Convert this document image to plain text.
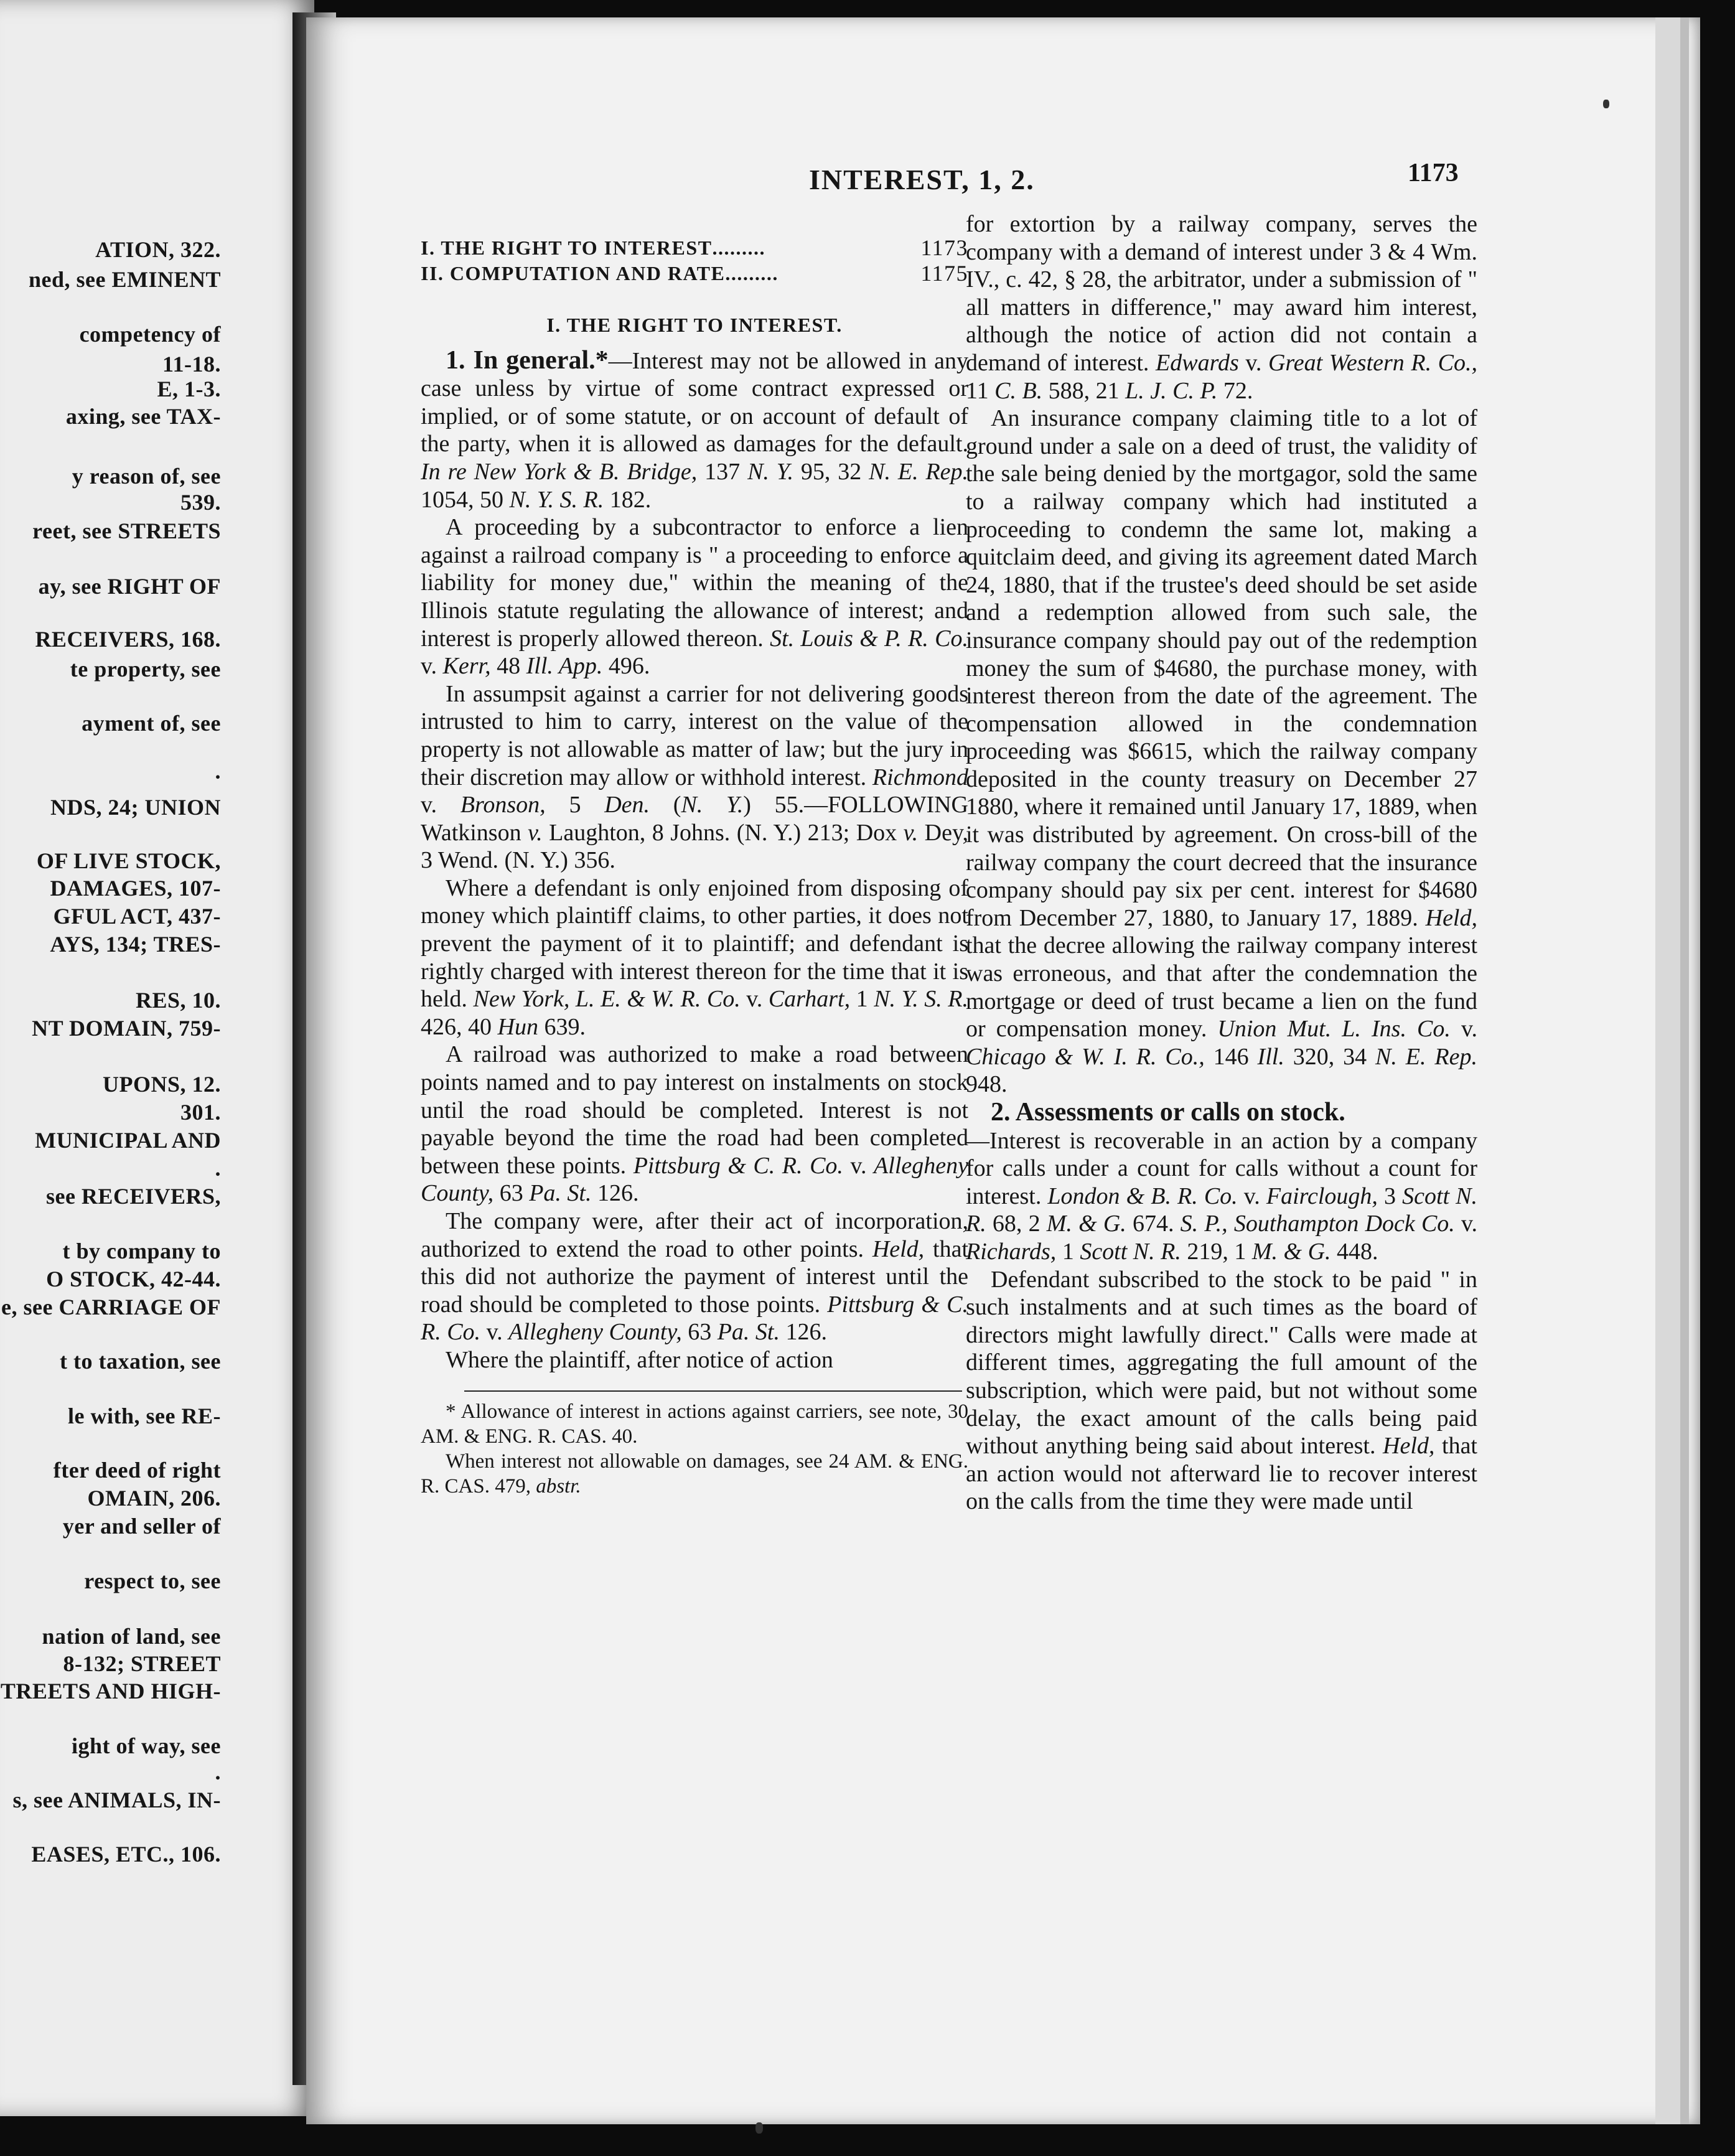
ATION, 322.
ned, see EMINENT
competency of
11-18.
E, 1-3.
axing, see TAX-
y reason of, see
539.
reet, see STREETS
ay, see RIGHT OF
RECEIVERS, 168.
te property, see
ayment of, see
.
NDS, 24; UNION
OF LIVE STOCK,
DAMAGES, 107-
GFUL ACT, 437-
AYS, 134; TRES-
RES, 10.
NT DOMAIN, 759-
UPONS, 12.
301.
MUNICIPAL AND
.
see RECEIVERS,
t by company to
O STOCK, 42-44.
e, see CARRIAGE OF
t to taxation, see
le with, see RE-
fter deed of right
OMAIN, 206.
yer and seller of
respect to, see
nation of land, see
8-132; STREET
TREETS AND HIGH-
ight of way, see
.
s, see ANIMALS, IN-
EASES, ETC., 106.
INTEREST, 1, 2.	1173
I. THE RIGHT TO INTEREST .........	1173
II. COMPUTATION AND RATE .........	1175

I. THE RIGHT TO INTEREST.

1. In general.*—Interest may not be allowed in any case unless by virtue of some contract expressed or implied, or of some statute, or on account of default of the party, when it is allowed as damages for the default. In re New York & B. Bridge, 137 N. Y. 95, 32 N. E. Rep. 1054, 50 N. Y. S. R. 182.

A proceeding by a subcontractor to enforce a lien against a railroad company is " a proceeding to enforce a liability for money due," within the meaning of the Illinois statute regulating the allowance of interest; and interest is properly allowed thereon. St. Louis & P. R. Co. v. Kerr, 48 Ill. App. 496.

In assumpsit against a carrier for not delivering goods intrusted to him to carry, interest on the value of the property is not allowable as matter of law; but the jury in their discretion may allow or withhold interest. Richmond v. Bronson, 5 Den. (N. Y.) 55.—FOLLOWING Watkinson v. Laughton, 8 Johns. (N. Y.) 213; Dox v. Dey, 3 Wend. (N. Y.) 356.

Where a defendant is only enjoined from disposing of money which plaintiff claims, to other parties, it does not prevent the payment of it to plaintiff; and defendant is rightly charged with interest thereon for the time that it is held. New York, L. E. & W. R. Co. v. Carhart, 1 N. Y. S. R. 426, 40 Hun 639.

A railroad was authorized to make a road between points named and to pay interest on instalments on stock until the road should be completed. Interest is not payable beyond the time the road had been completed between these points. Pittsburg & C. R. Co. v. Allegheny County, 63 Pa. St. 126.

The company were, after their act of incorporation, authorized to extend the road to other points. Held, that this did not authorize the payment of interest until the road should be completed to those points. Pittsburg & C. R. Co. v. Allegheny County, 63 Pa. St. 126.

Where the plaintiff, after notice of action

* Allowance of interest in actions against carriers, see note, 30 AM. & ENG. R. CAS. 40.

When interest not allowable on damages, see 24 AM. & ENG. R. CAS. 479, abstr.

for extortion by a railway company, serves the company with a demand of interest under 3 & 4 Wm. IV., c. 42, § 28, the arbitrator, under a submission of " all matters in difference," may award him interest, although the notice of action did not contain a demand of interest. Edwards v. Great Western R. Co., 11 C. B. 588, 21 L. J. C. P. 72.

An insurance company claiming title to a lot of ground under a sale on a deed of trust, the validity of the sale being denied by the mortgagor, sold the same to a railway company which had instituted a proceeding to condemn the same lot, making a quitclaim deed, and giving its agreement dated March 24, 1880, that if the trustee's deed should be set aside and a redemption allowed from such sale, the insurance company should pay out of the redemption money the sum of $4680, the purchase money, with interest thereon from the date of the agreement. The compensation allowed in the condemnation proceeding was $6615, which the railway company deposited in the county treasury on December 27 1880, where it remained until January 17, 1889, when it was distributed by agreement. On cross-bill of the railway company the court decreed that the insurance company should pay six per cent. interest for $4680 from December 27, 1880, to January 17, 1889. Held, that the decree allowing the railway company interest was erroneous, and that after the condemnation the mortgage or deed of trust became a lien on the fund or compensation money. Union Mut. L. Ins. Co. v. Chicago & W. I. R. Co., 146 Ill. 320, 34 N. E. Rep. 948.

2. Assessments or calls on stock.

—Interest is recoverable in an action by a company for calls under a count for calls without a count for interest. London & B. R. Co. v. Fairclough, 3 Scott N. R. 68, 2 M. & G. 674. S. P., Southampton Dock Co. v. Richards, 1 Scott N. R. 219, 1 M. & G. 448.

Defendant subscribed to the stock to be paid " in such instalments and at such times as the board of directors might lawfully direct." Calls were made at different times, aggregating the full amount of the subscription, which were paid, but not without some delay, the exact amount of the calls being paid without anything being said about interest. Held, that an action would not afterward lie to recover interest on the calls from the time they were made until
